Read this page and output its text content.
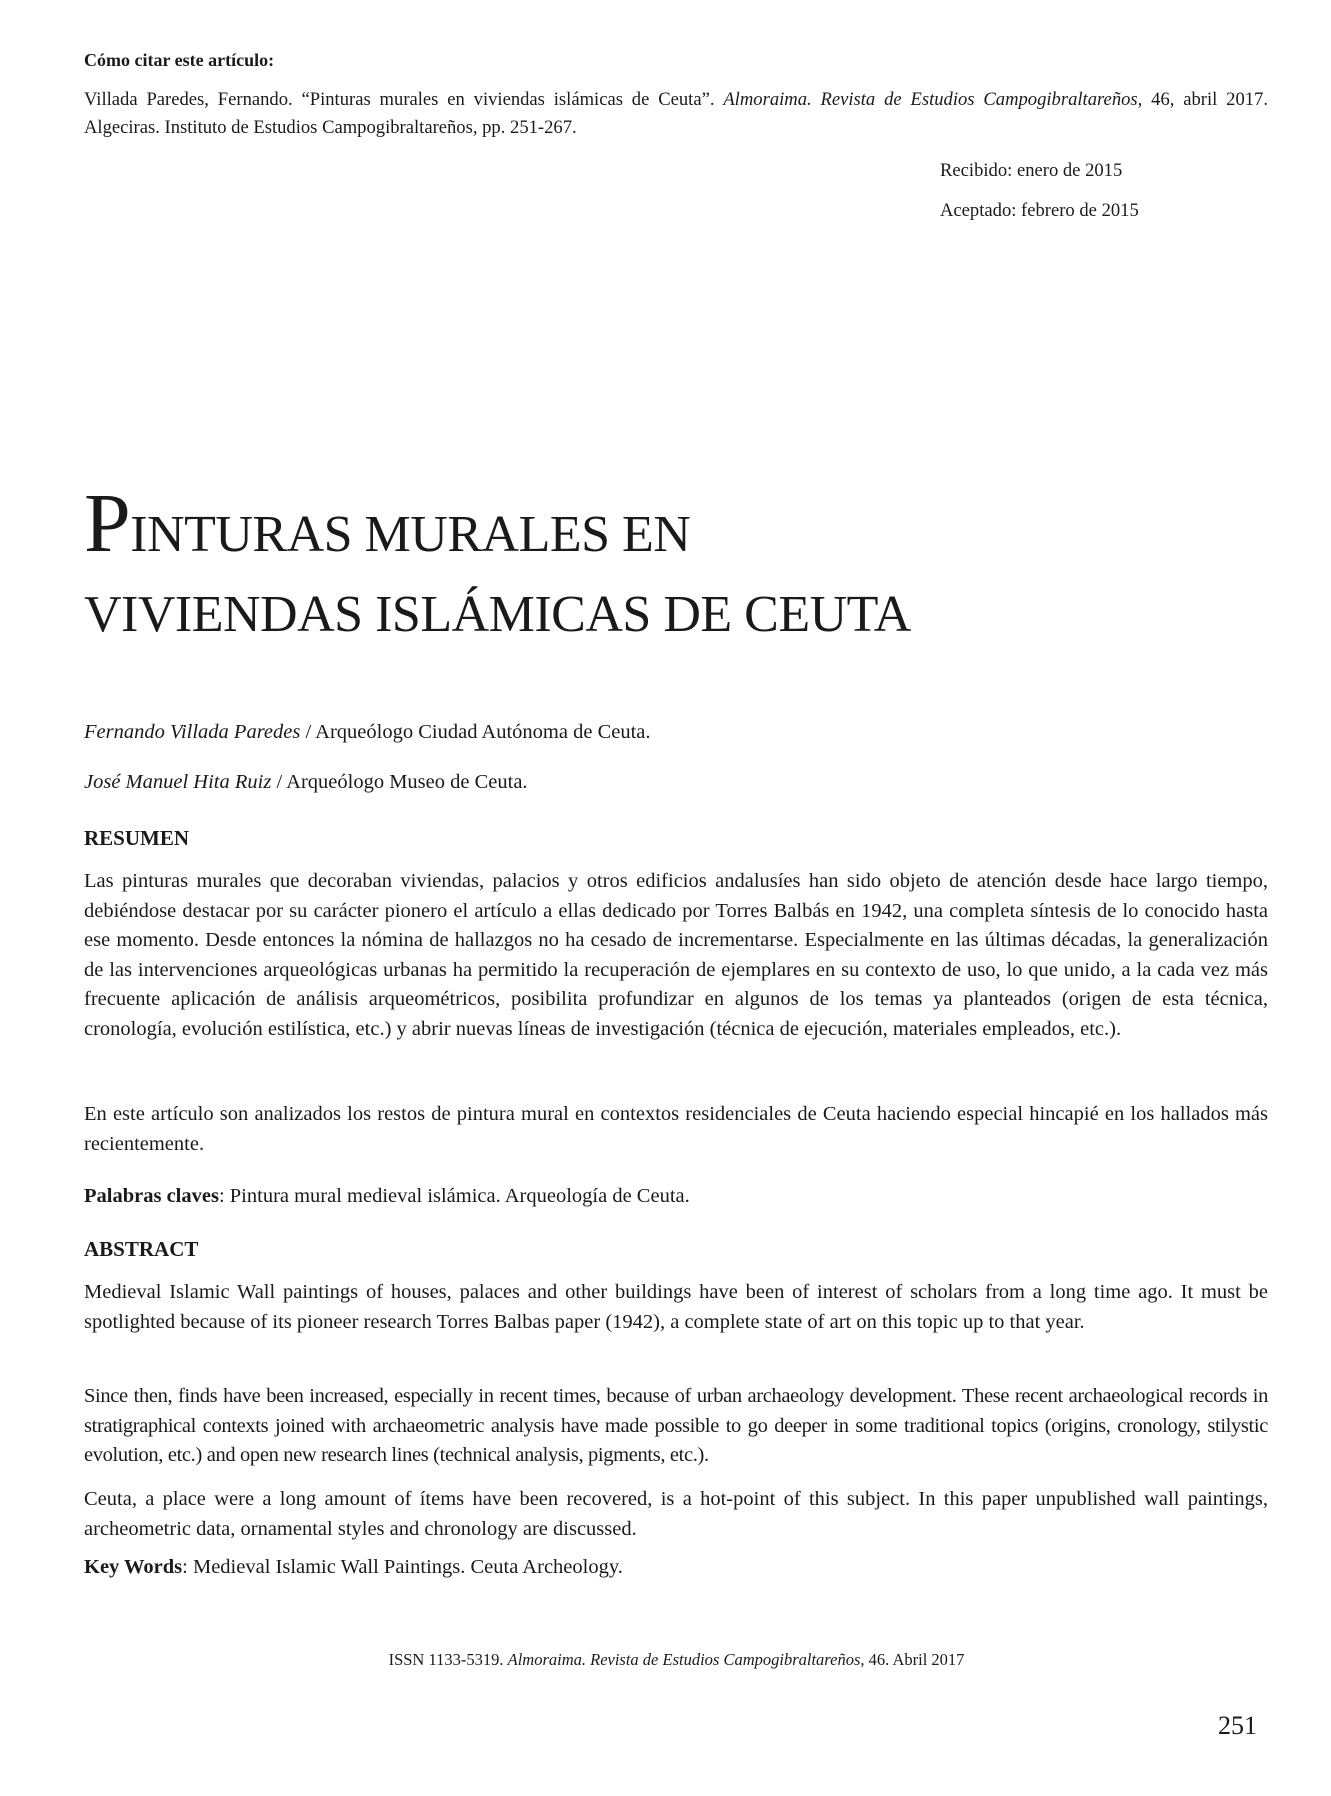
Cómo citar este artículo:
Villada Paredes, Fernando. “Pinturas murales en viviendas islámicas de Ceuta”. Almoraima. Revista de Estudios Campogibraltareños, 46, abril 2017. Algeciras. Instituto de Estudios Campogibraltareños, pp. 251-267.
Recibido: enero de 2015
Aceptado: febrero de 2015
PINTURAS MURALES EN
VIVIENDAS ISLÁMICAS DE CEUTA
Fernando Villada Paredes / Arqueólogo Ciudad Autónoma de Ceuta.
José Manuel Hita Ruiz / Arqueólogo Museo de Ceuta.
RESUMEN

Las pinturas murales que decoraban viviendas, palacios y otros edificios andalusíes han sido objeto de atención desde hace largo tiempo, debiéndose destacar por su carácter pionero el artículo a ellas dedicado por Torres Balbás en 1942, una completa síntesis de lo conocido hasta ese momento. Desde entonces la nómina de hallazgos no ha cesado de incrementarse. Especialmente en las últimas décadas, la generalización de las intervenciones arqueológicas urbanas ha permitido la recuperación de ejemplares en su contexto de uso, lo que unido, a la cada vez más frecuente aplicación de análisis arqueométricos, posibilita profundizar en algunos de los temas ya planteados (origen de esta técnica, cronología, evolución estilística, etc.) y abrir nuevas líneas de investigación (técnica de ejecución, materiales empleados, etc.).

En este artículo son analizados los restos de pintura mural en contextos residenciales de Ceuta haciendo especial hincapié en los hallados más recientemente.

Palabras claves: Pintura mural medieval islámica. Arqueología de Ceuta.

ABSTRACT

Medieval Islamic Wall paintings of houses, palaces and other buildings have been of interest of scholars from a long time ago. It must be spotlighted because of its pioneer research Torres Balbas paper (1942), a complete state of art on this topic up to that year.

Since then, finds have been increased, especially in recent times, because of urban archaeology development. These recent archaeological records in stratigraphical contexts joined with archaeometric analysis have made possible to go deeper in some traditional topics (origins, cronology, stilystic evolution, etc.) and open new research lines (technical analysis, pigments, etc.).

Ceuta, a place were a long amount of ítems have been recovered, is a hot-point of this subject. In this paper unpublished wall paintings, archeometric data, ornamental styles and chronology are discussed.

Key Words: Medieval Islamic Wall Paintings. Ceuta Archeology.

ISSN 1133-5319. Almoraima. Revista de Estudios Campogibraltareños, 46. Abril 2017
251
